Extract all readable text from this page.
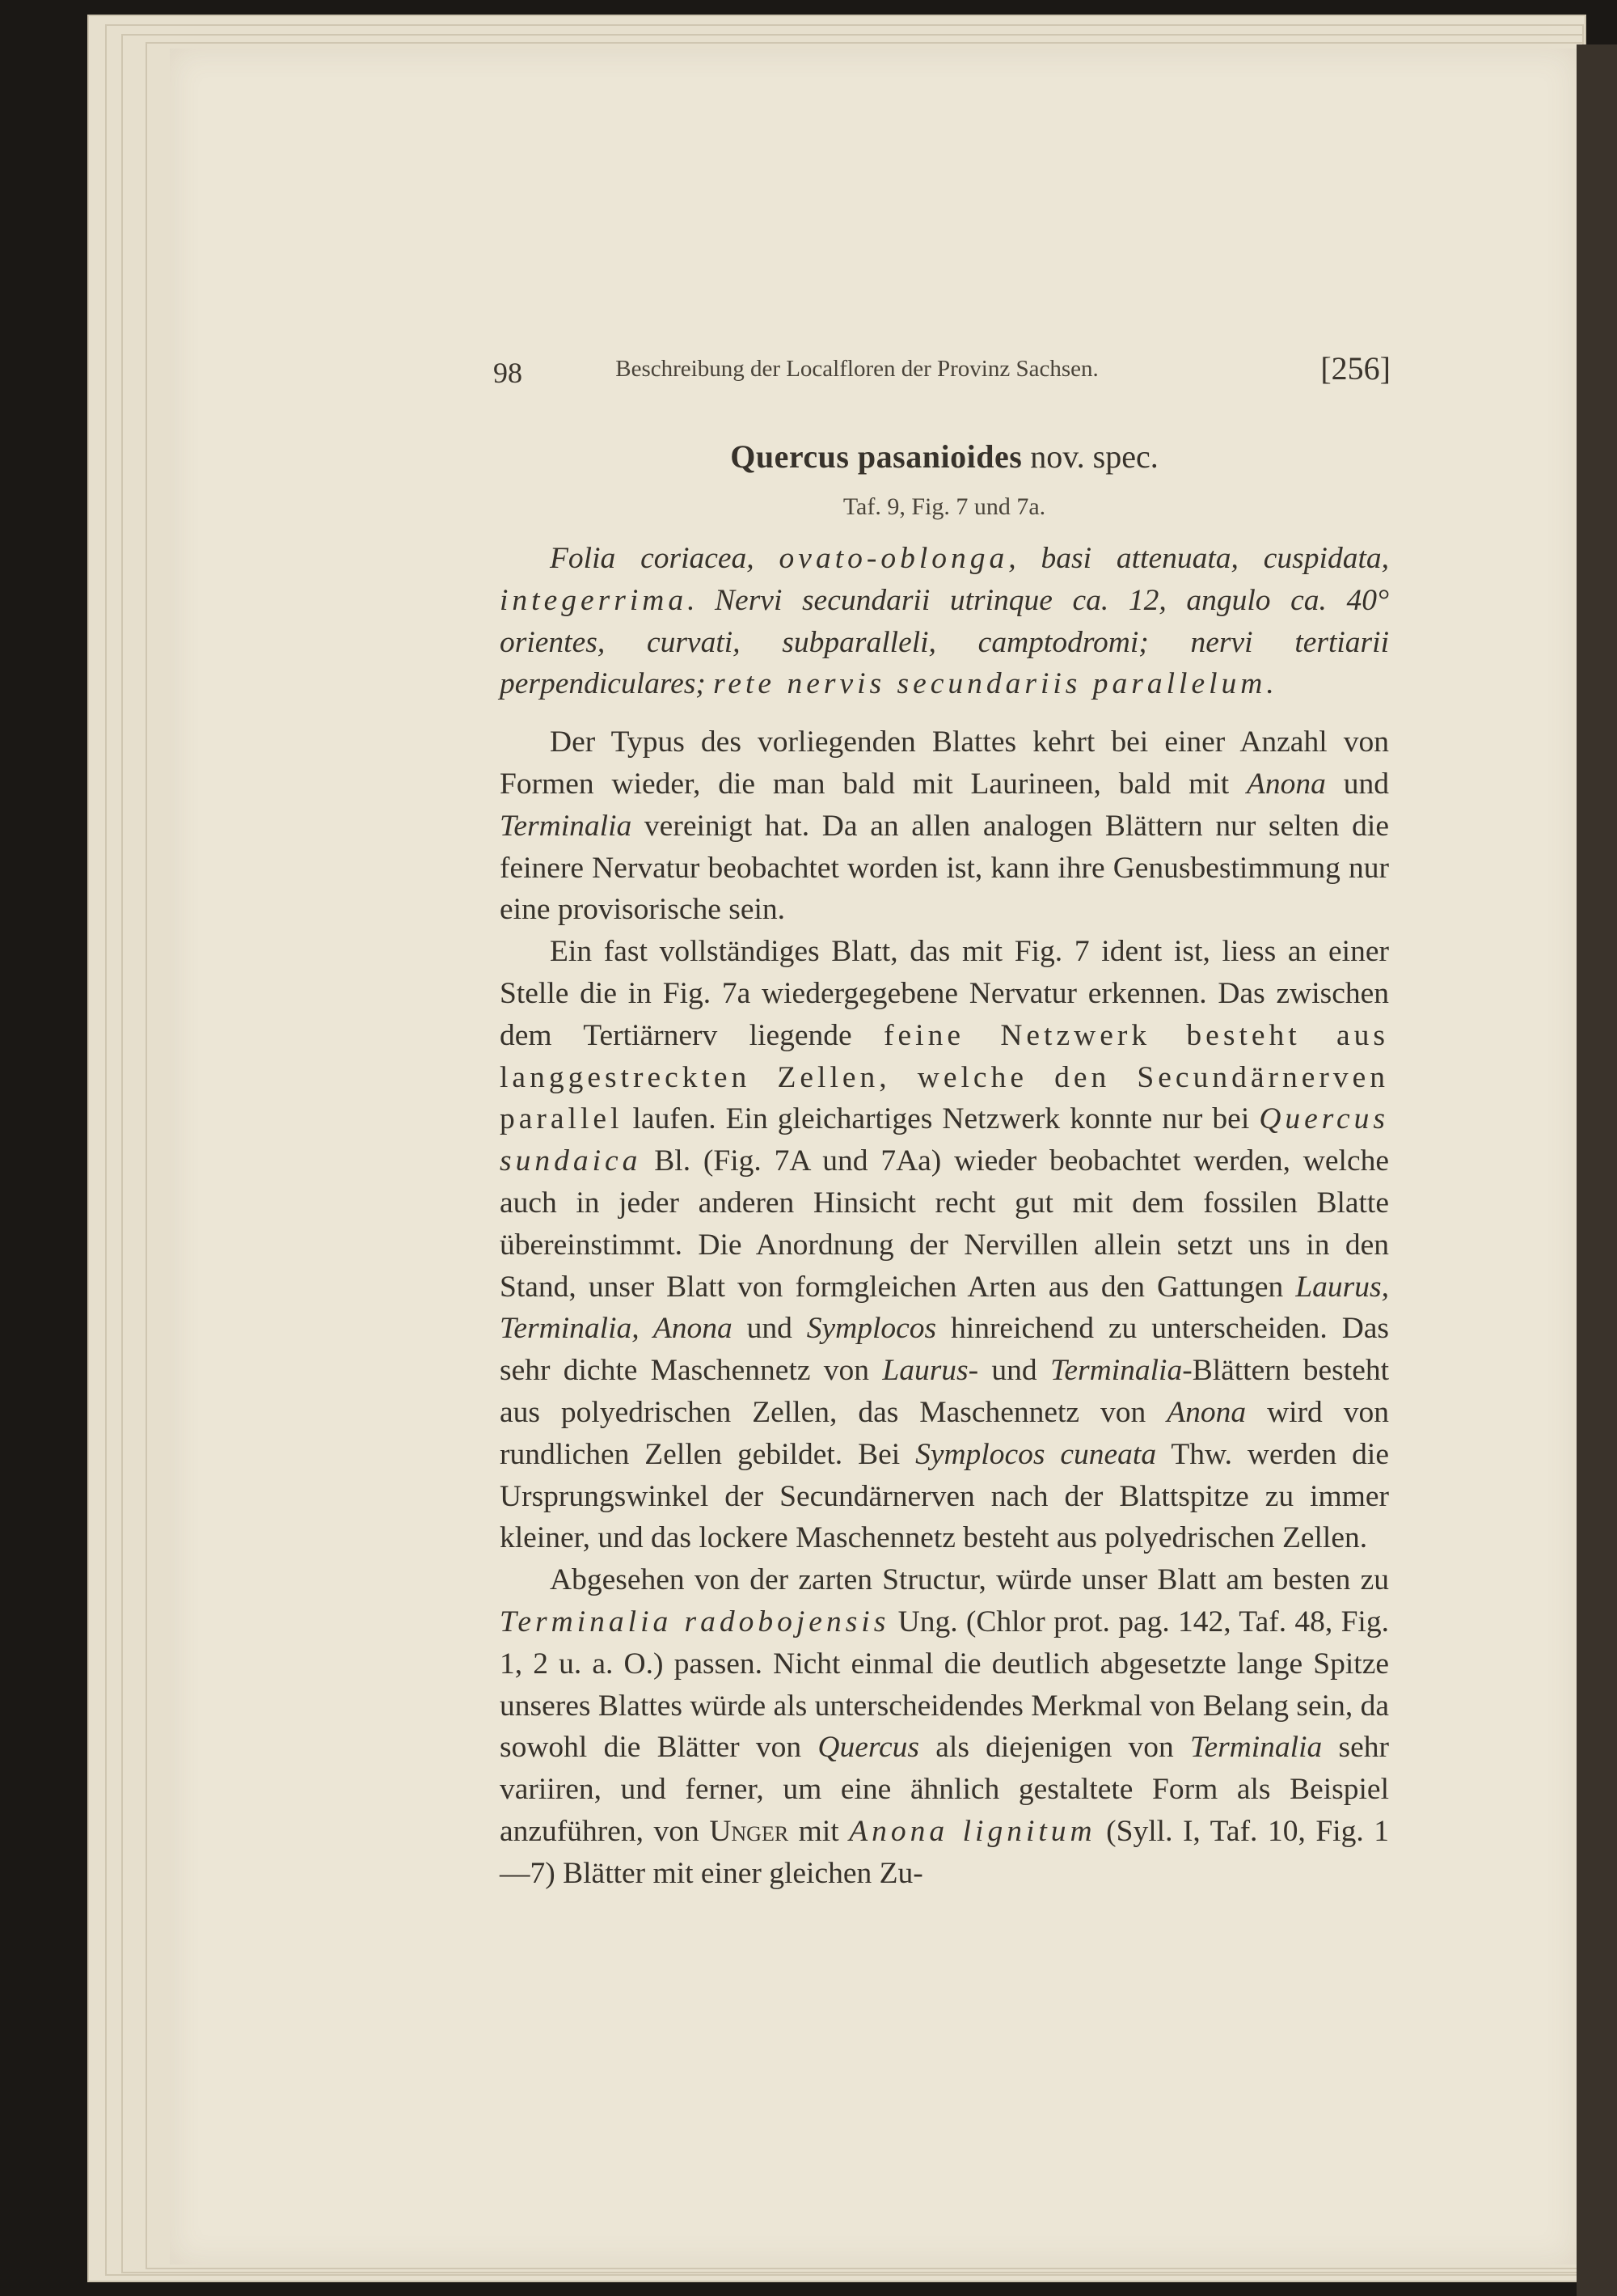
98	Beschreibung der Localfloren der Provinz Sachsen.	[256]
Quercus pasanioides nov. spec.
Taf. 9, Fig. 7 und 7a.

Folia coriacea, ovato-oblonga, basi attenuata, cuspidata, integerrima. Nervi secundarii utrinque ca. 12, angulo ca. 40° orientes, curvati, subparalleli, camptodromi; nervi tertiarii perpendiculares; rete nervis secundariis parallelum.

Der Typus des vorliegenden Blattes kehrt bei einer Anzahl von Formen wieder, die man bald mit Laurineen, bald mit Anona und Terminalia vereinigt hat. Da an allen analogen Blättern nur selten die feinere Nervatur beobachtet worden ist, kann ihre Genusbestimmung nur eine provisorische sein.

Ein fast vollständiges Blatt, das mit Fig. 7 ident ist, liess an einer Stelle die in Fig. 7a wiedergegebene Nervatur erkennen. Das zwischen dem Tertiärnerv liegende feine Netzwerk besteht aus langgestreckten Zellen, welche den Secundärnerven parallel laufen. Ein gleichartiges Netzwerk konnte nur bei Quercus sundaica Bl. (Fig. 7A und 7Aa) wieder beobachtet werden, welche auch in jeder anderen Hinsicht recht gut mit dem fossilen Blatte übereinstimmt. Die Anordnung der Nervillen allein setzt uns in den Stand, unser Blatt von formgleichen Arten aus den Gattungen Laurus, Terminalia, Anona und Symplocos hinreichend zu unterscheiden. Das sehr dichte Maschennetz von Laurus- und Terminalia-Blättern besteht aus polyedrischen Zellen, das Maschennetz von Anona wird von rundlichen Zellen gebildet. Bei Symplocos cuneata Thw. werden die Ursprungswinkel der Secundärnerven nach der Blattspitze zu immer kleiner, und das lockere Maschennetz besteht aus polyedrischen Zellen.

Abgesehen von der zarten Structur, würde unser Blatt am besten zu Terminalia radobojensis Ung. (Chlor prot. pag. 142, Taf. 48, Fig. 1, 2 u. a. O.) passen. Nicht einmal die deutlich abgesetzte lange Spitze unseres Blattes würde als unterscheidendes Merkmal von Belang sein, da sowohl die Blätter von Quercus als diejenigen von Terminalia sehr variiren, und ferner, um eine ähnlich gestaltete Form als Beispiel anzuführen, von Unger mit Anona lignitum (Syll. I, Taf. 10, Fig. 1—7) Blätter mit einer gleichen Zu-
